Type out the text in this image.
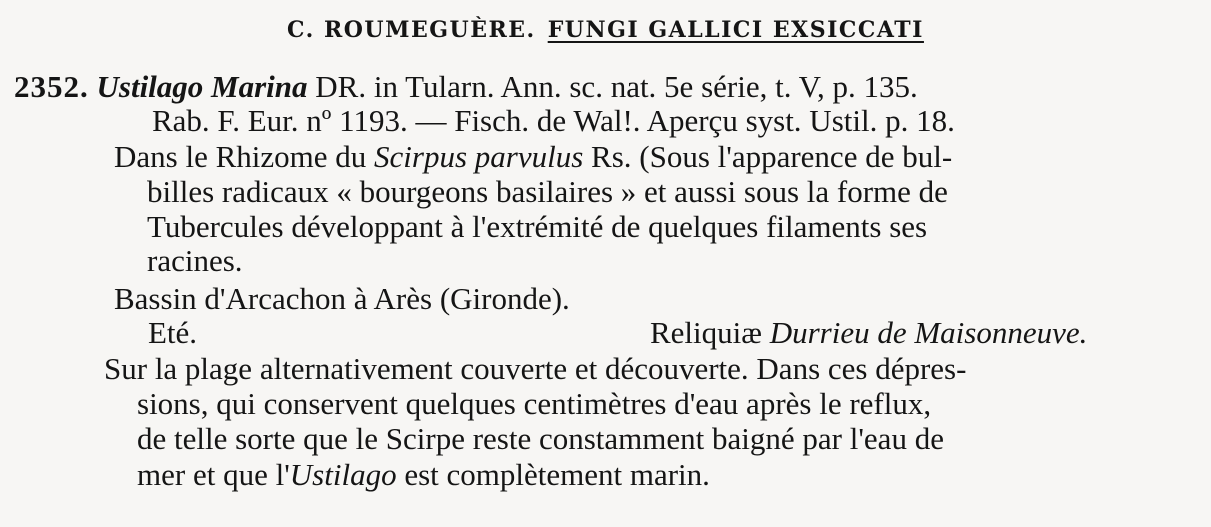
C. ROUMEGUÈRE. FUNGI GALLICI EXSICCATI
2352. Ustilago Marina DR. in Tularn. Ann. sc. nat. 5e série, t. V, p. 135.
Rab. F. Eur. nº 1193. — Fisch. de Wal!. Aperçu syst. Ustil. p. 18.
Dans le Rhizome du Scirpus parvulus Rs. (Sous l'apparence de bul-
billes radicaux « bourgeons basilaires » et aussi sous la forme de
Tubercules développant à l'extrémité de quelques filaments ses
racines.
Bassin d'Arcachon à Arès (Gironde).
Eté.	Reliquiæ Durrieu de Maisonneuve.
Sur la plage alternativement couverte et découverte. Dans ces dépres-
sions, qui conservent quelques centimètres d'eau après le reflux,
de telle sorte que le Scirpe reste constamment baigné par l'eau de
mer et que l'Ustilago est complètement marin.
